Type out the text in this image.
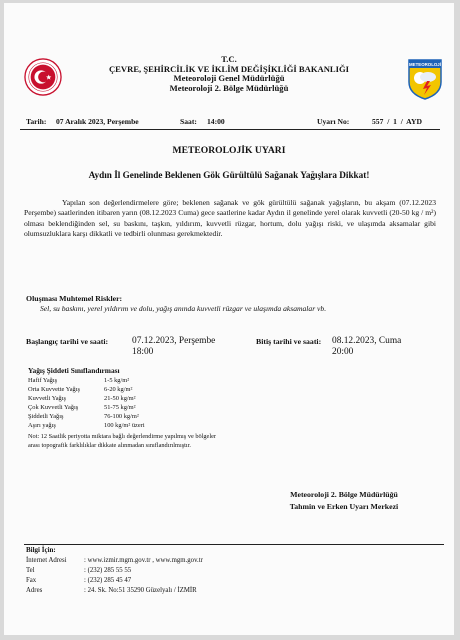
T.C.
ÇEVRE, ŞEHİRCİLİK VE İKLİM DEĞİŞİKLİĞİ BAKANLIĞI
Meteoroloji Genel Müdürlüğü
Meteoroloji 2. Bölge Müdürlüğü
METEOROLOJİ
Tarih: 07 Aralık 2023, Perşembe	Saat: 14:00	Uyarı No:	557  /  1  /  AYD
METEOROLOJİK UYARI
Aydın İl Genelinde Beklenen Gök Gürültülü Sağanak Yağışlara Dikkat!
Yapılan son değerlendirmelere göre; beklenen sağanak ve gök gürültülü sağanak yağışların, bu akşam (07.12.2023 Perşembe) saatlerinden itibaren yarın (08.12.2023 Cuma) gece saatlerine kadar Aydın il genelinde yerel olarak kuvvetli (20-50 kg / m²) olması beklendiğinden sel, su baskını, taşkın, yıldırım, kuvvetli rüzgar, hortum, dolu yağışı riski, ve ulaşımda aksamalar gibi olumsuzluklara karşı dikkatli ve tedbirli olunması gerekmektedir.
Oluşması Muhtemel Riskler:
Sel, su baskını, yerel yıldırım ve dolu, yağış anında kuvvetli rüzgar ve ulaşımda aksamalar vb.
Başlangıç tarihi ve saati:	07.12.2023, Perşembe
18:00
Bitiş tarihi ve saati: 08.12.2023, Cuma
20:00
Yağış Şiddeti Sınıflandırması
Hafif Yağış	1-5 kg/m²
Orta Kuvvette Yağış	6-20 kg/m²
Kuvvetli Yağış	21-50 kg/m²
Çok Kuvvetli Yağış	51-75 kg/m²
Şiddetli Yağış	76-100 kg/m²
Aşırı yağış	100 kg/m² üzeri
Not: 12 Saatlik periyotta miktara bağlı değerlendirme yapılmış ve bölgeler arası topografik farklılıklar dikkate alınmadan sınıflandırılmıştır.
Meteoroloji 2. Bölge Müdürlüğü
Tahmin ve Erken Uyarı Merkezi
Bilgi İçin:
İnternet Adresi	: www.izmir.mgm.gov.tr , www.mgm.gov.tr
Tel	: (232) 285 55 55
Fax	: (232) 285 45 47
Adres	: 24. Sk. No:51 35290 Güzelyalı / İZMİR
